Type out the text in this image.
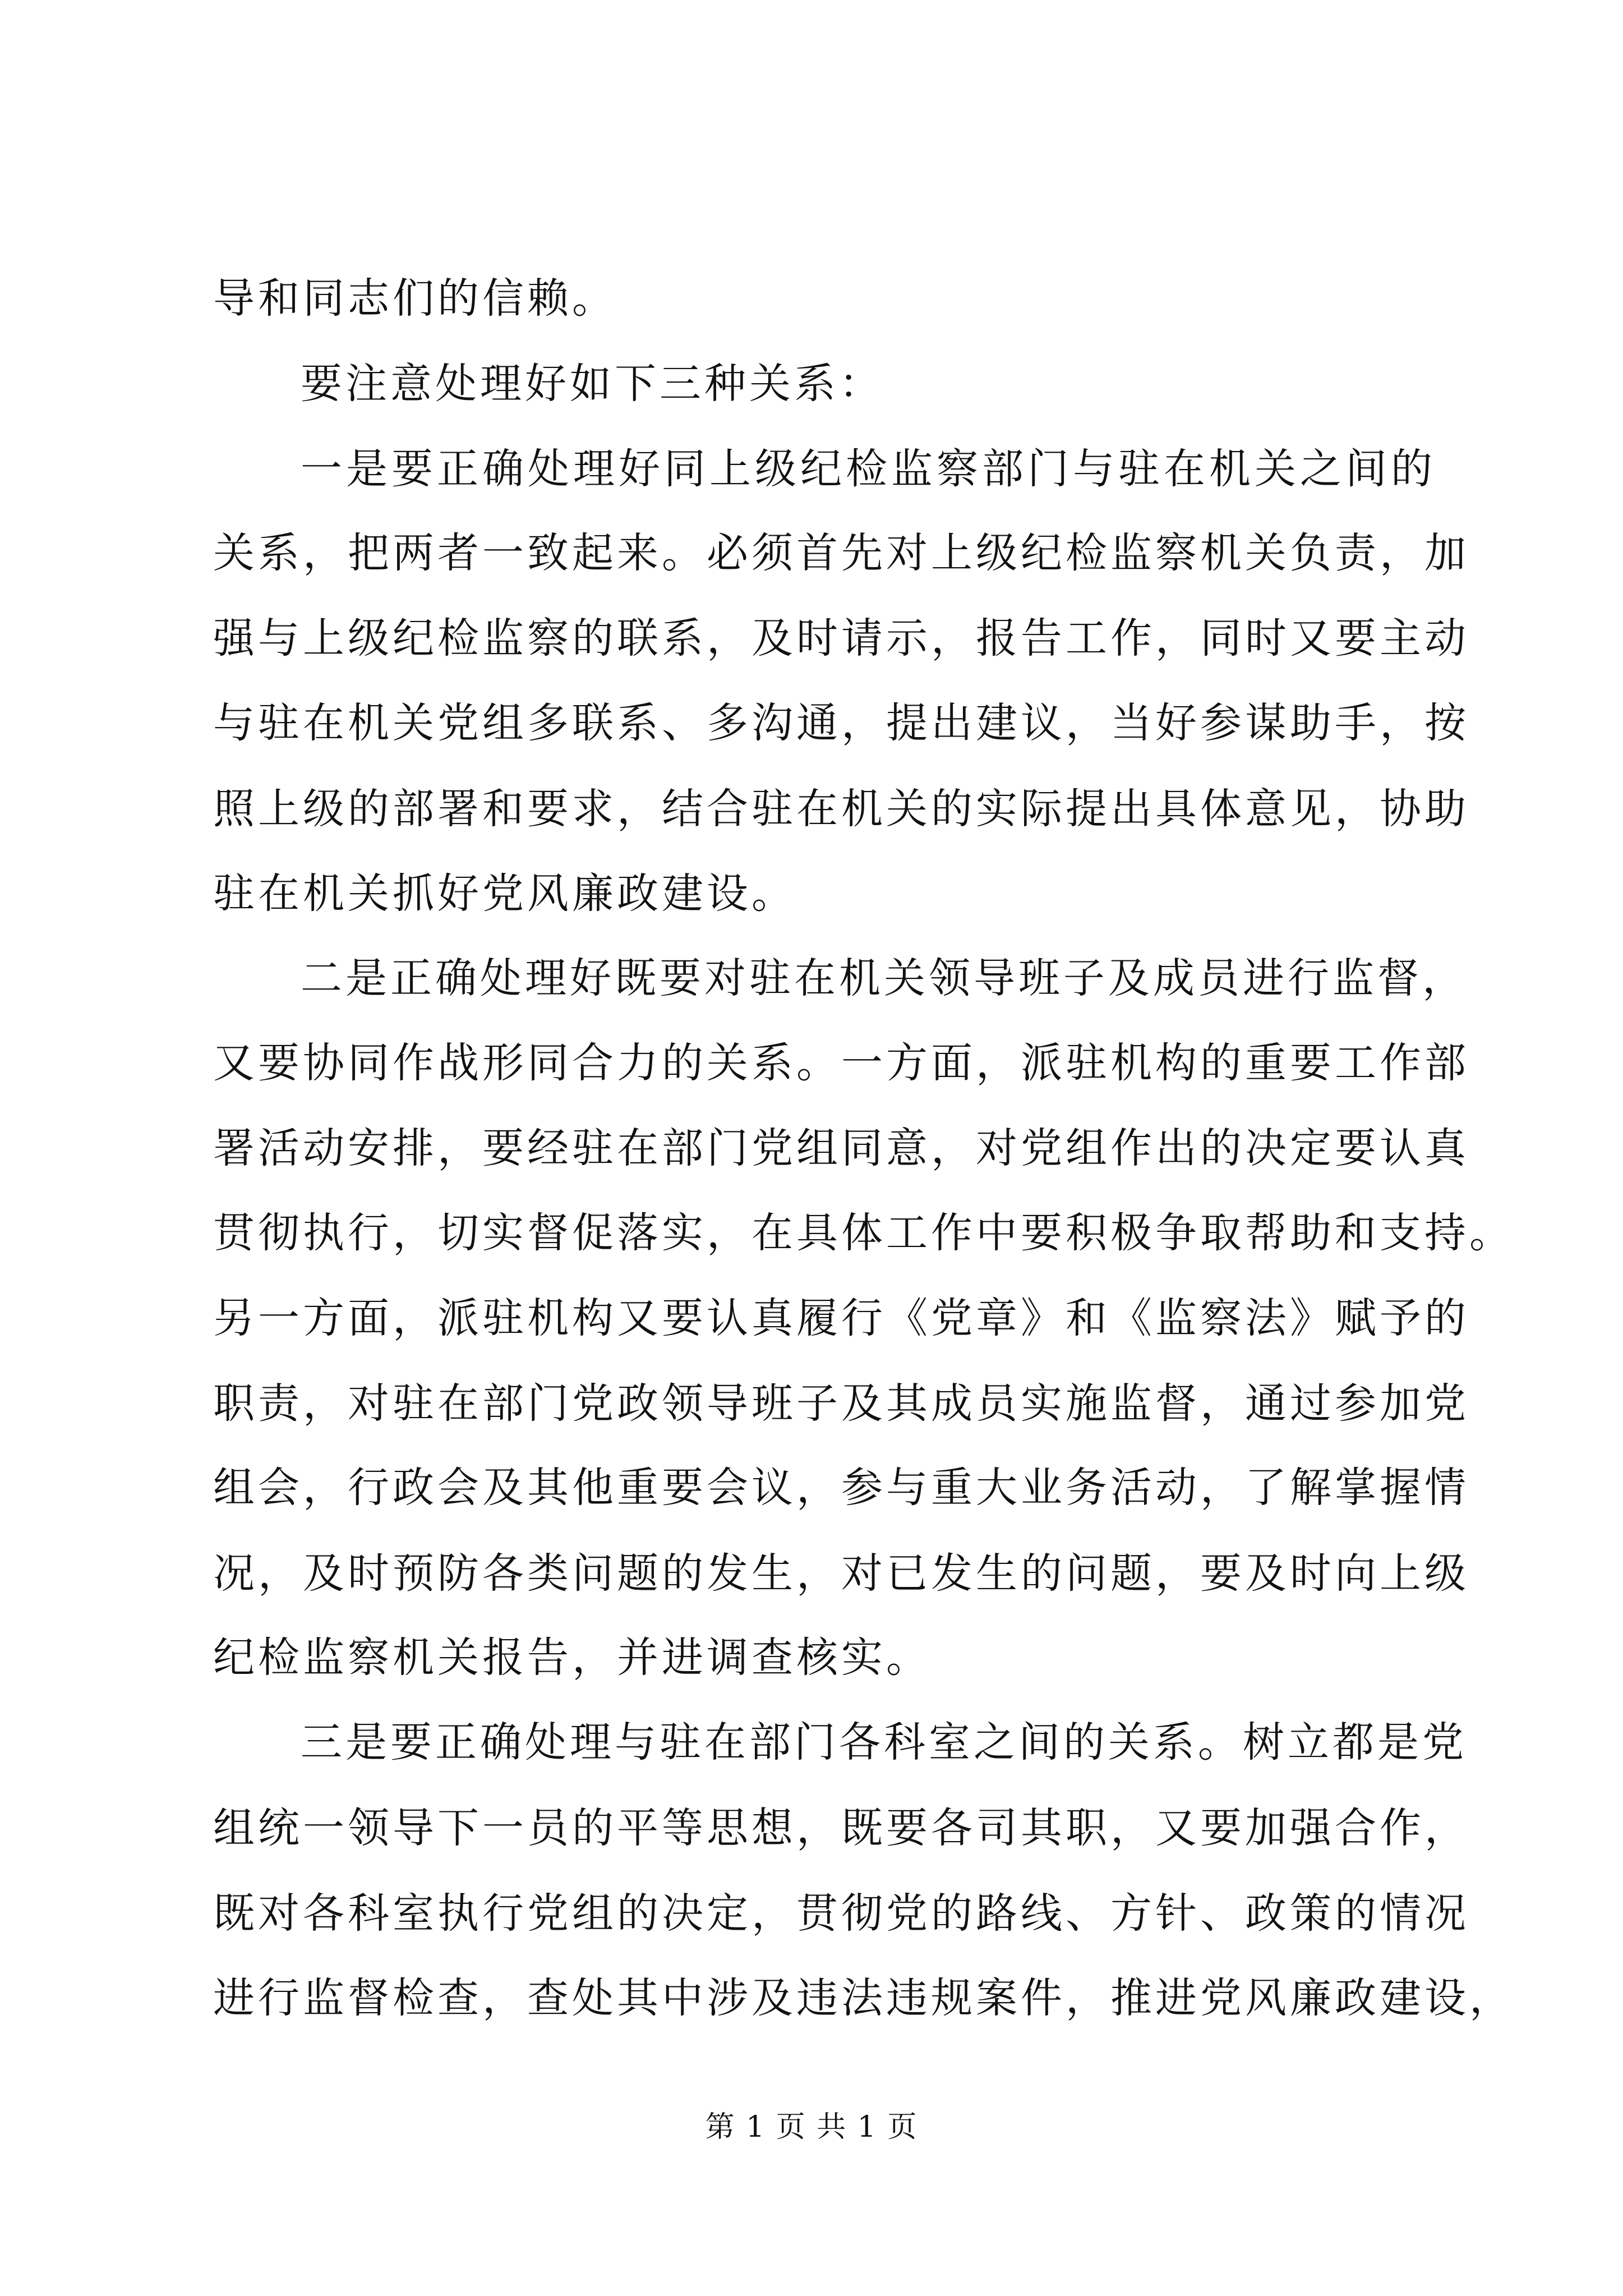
导和同志们的信赖。
要注意处理好如下三种关系：
一是要正确处理好同上级纪检监察部门与驻在机关之间的
关系，把两者一致起来。必须首先对上级纪检监察机关负责，加
强与上级纪检监察的联系，及时请示，报告工作，同时又要主动
与驻在机关党组多联系、多沟通，提出建议，当好参谋助手，按
照上级的部署和要求，结合驻在机关的实际提出具体意见，协助
驻在机关抓好党风廉政建设。
二是正确处理好既要对驻在机关领导班子及成员进行监督，
又要协同作战形同合力的关系。一方面，派驻机构的重要工作部
署活动安排，要经驻在部门党组同意，对党组作出的决定要认真
贯彻执行，切实督促落实，在具体工作中要积极争取帮助和支持。
另一方面，派驻机构又要认真履行《党章》和《监察法》赋予的
职责，对驻在部门党政领导班子及其成员实施监督，通过参加党
组会，行政会及其他重要会议，参与重大业务活动，了解掌握情
况，及时预防各类问题的发生，对已发生的问题，要及时向上级
纪检监察机关报告，并进调查核实。
三是要正确处理与驻在部门各科室之间的关系。树立都是党
组统一领导下一员的平等思想，既要各司其职，又要加强合作，
既对各科室执行党组的决定，贯彻党的路线、方针、政策的情况
进行监督检查，查处其中涉及违法违规案件，推进党风廉政建设，
第 1 页 共 1 页
